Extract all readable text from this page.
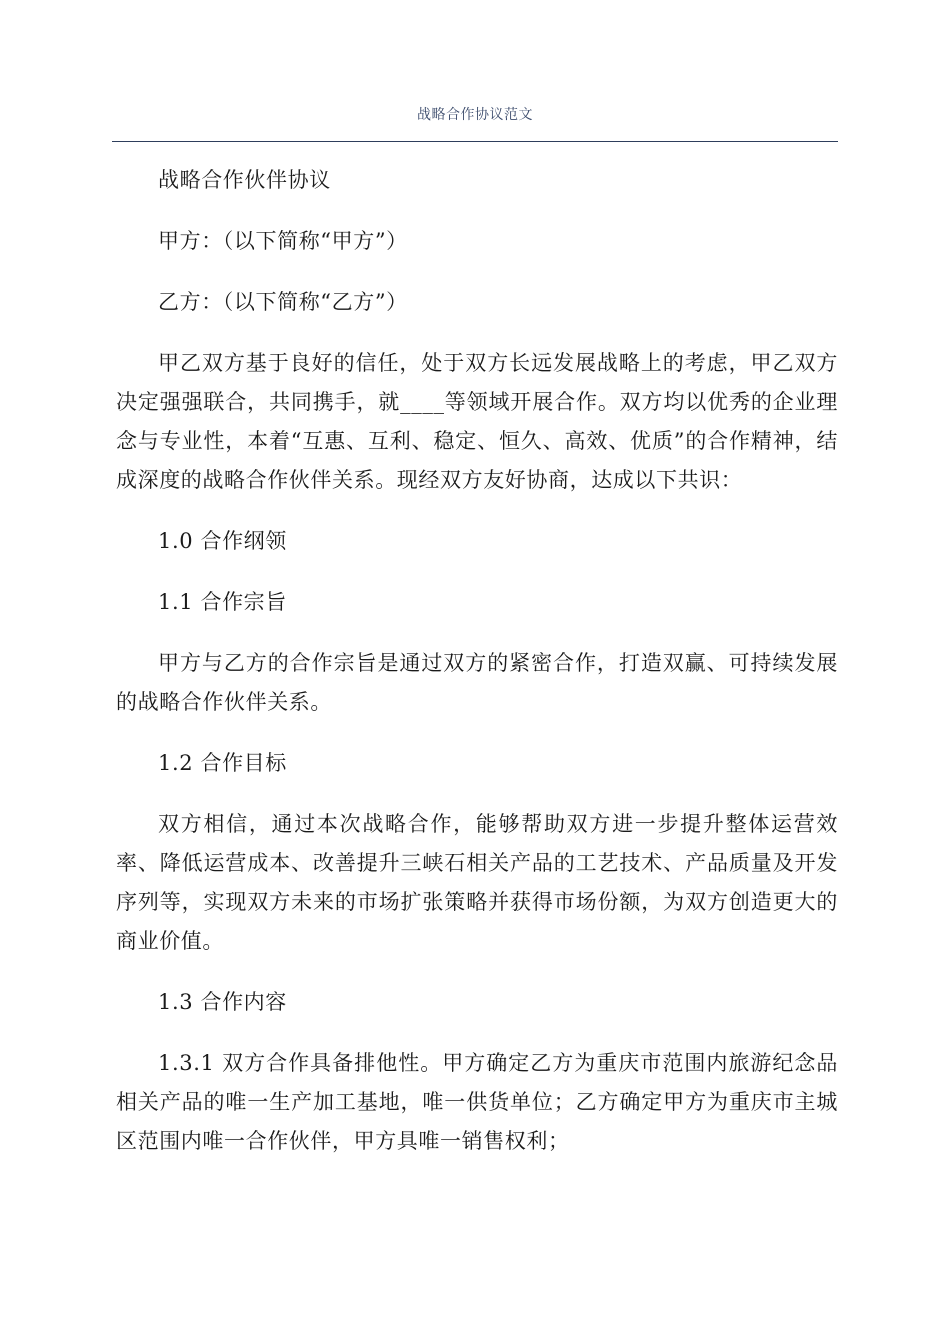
战略合作协议范文

战略合作伙伴协议

甲方：（以下简称“甲方”）

乙方：（以下简称“乙方”）

甲乙双方基于良好的信任，处于双方长远发展战略上的考虑，甲乙双方决定强强联合，共同携手，就____等领域开展合作。双方均以优秀的企业理念与专业性，本着“互惠、互利、稳定、恒久、高效、优质”的合作精神，结成深度的战略合作伙伴关系。现经双方友好协商，达成以下共识：

1.0 合作纲领

1.1 合作宗旨

甲方与乙方的合作宗旨是通过双方的紧密合作，打造双赢、可持续发展的战略合作伙伴关系。

1.2 合作目标

双方相信，通过本次战略合作，能够帮助双方进一步提升整体运营效率、降低运营成本、改善提升三峡石相关产品的工艺技术、产品质量及开发序列等，实现双方未来的市场扩张策略并获得市场份额，为双方创造更大的商业价值。

1.3 合作内容

1.3.1 双方合作具备排他性。甲方确定乙方为重庆市范围内旅游纪念品相关产品的唯一生产加工基地，唯一供货单位；乙方确定甲方为重庆市主城区范围内唯一合作伙伴，甲方具唯一销售权利；
